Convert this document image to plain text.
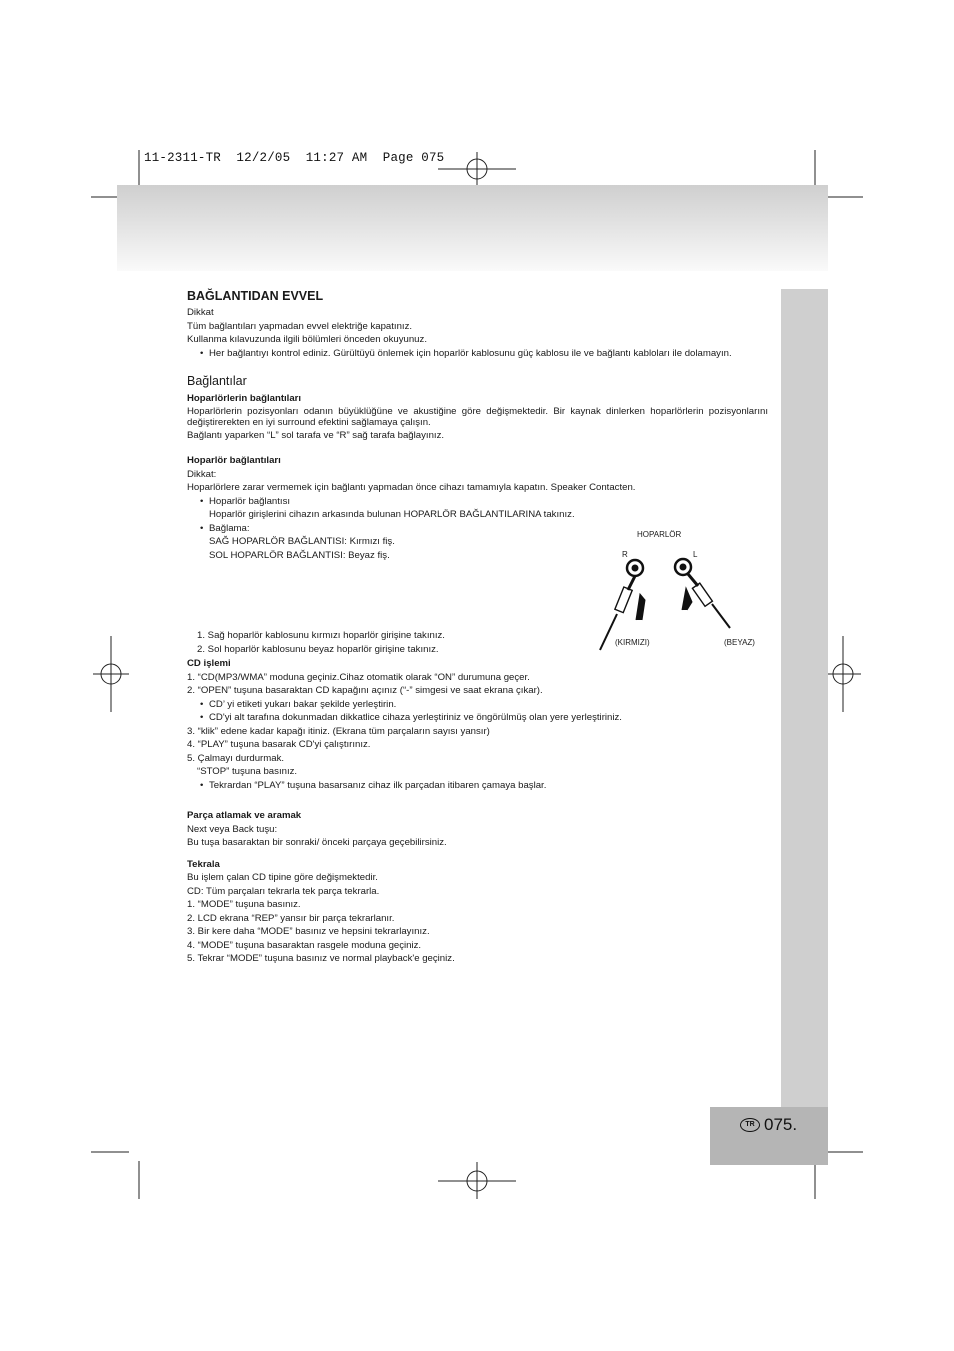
11-2311-TR  12/2/05  11:27 AM  Page 075
TR 075.

BAĞLANTIDAN EVVEL

Dikkat

Tüm bağlantıları yapmadan evvel elektriğe kapatınız.

Kullanma kılavuzunda ilgili bölümleri önceden okuyunuz.

• Her bağlantıyı kontrol ediniz. Gürültüyü önlemek için hoparlör kablosunu güç kablosu ile ve bağlantı kabloları ile dolamayın.

Bağlantılar

Hoparlörlerin bağlantıları

Hoparlörlerin pozisyonları odanın büyüklüğüne ve akustiğine göre değişmektedir. Bir kaynak dinlerken hoparlörlerin pozisyonlarını değiştirerekten en iyi surround efektini sağlamaya çalışın.

Bağlantı yaparken “L” sol tarafa ve “R” sağ tarafa bağlayınız.

Hoparlör bağlantıları

Dikkat:

Hoparlörlere zarar vermemek için bağlantı yapmadan önce cihazı tamamıyla kapatın. Speaker Contacten.

• Hoparlör bağlantısı

Hoparlör girişlerini cihazın arkasında bulunan HOPARLÖR BAĞLANTILARINA takınız.

• Bağlama:

SAĞ HOPARLÖR BAĞLANTISI: Kırmızı fiş.

SOL HOPARLÖR BAĞLANTISI: Beyaz fiş.

1. Sağ hoparlör kablosunu kırmızı hoparlör girişine takınız.

2. Sol hoparlör kablosunu beyaz hoparlör girişine takınız.

CD işlemi

1. “CD(MP3/WMA” moduna geçiniz.Cihaz otomatik olarak “ON” durumuna geçer.

2. “OPEN” tuşuna basaraktan CD kapağını açınız (“-” simgesi ve saat ekrana çıkar).

• CD’ yi etiketi yukarı bakar şekilde yerleştirin.

• CD'yi alt tarafına dokunmadan dikkatlice cihaza yerleştiriniz ve öngörülmüş olan yere yerleştiriniz.

3. “klik” edene kadar kapağı itiniz. (Ekrana tüm parçaların sayısı yansır)

4. “PLAY” tuşuna basarak CD'yi çalıştırınız.

5. Çalmayı durdurmak.

“STOP” tuşuna basınız.

• Tekrardan “PLAY” tuşuna basarsanız cihaz ilk parçadan itibaren çamaya başlar.

Parça atlamak ve aramak

Next veya Back tuşu:

Bu tuşa basaraktan bir sonraki/ önceki parçaya geçebilirsiniz.

Tekrala

Bu işlem çalan CD tipine göre değişmektedir.

CD: Tüm parçaları tekrarla tek parça tekrarla.

1. “MODE” tuşuna basınız.

2. LCD ekrana “REP” yansır bir parça tekrarlanır.

3. Bir kere daha “MODE” basınız ve hepsini tekrarlayınız.

4. “MODE” tuşuna basaraktan rasgele moduna geçiniz.

5. Tekrar “MODE” tuşuna basınız ve normal playback'e geçiniz.

HOPARLÖR
R	L
(KIRMIZI)	(BEYAZ)
